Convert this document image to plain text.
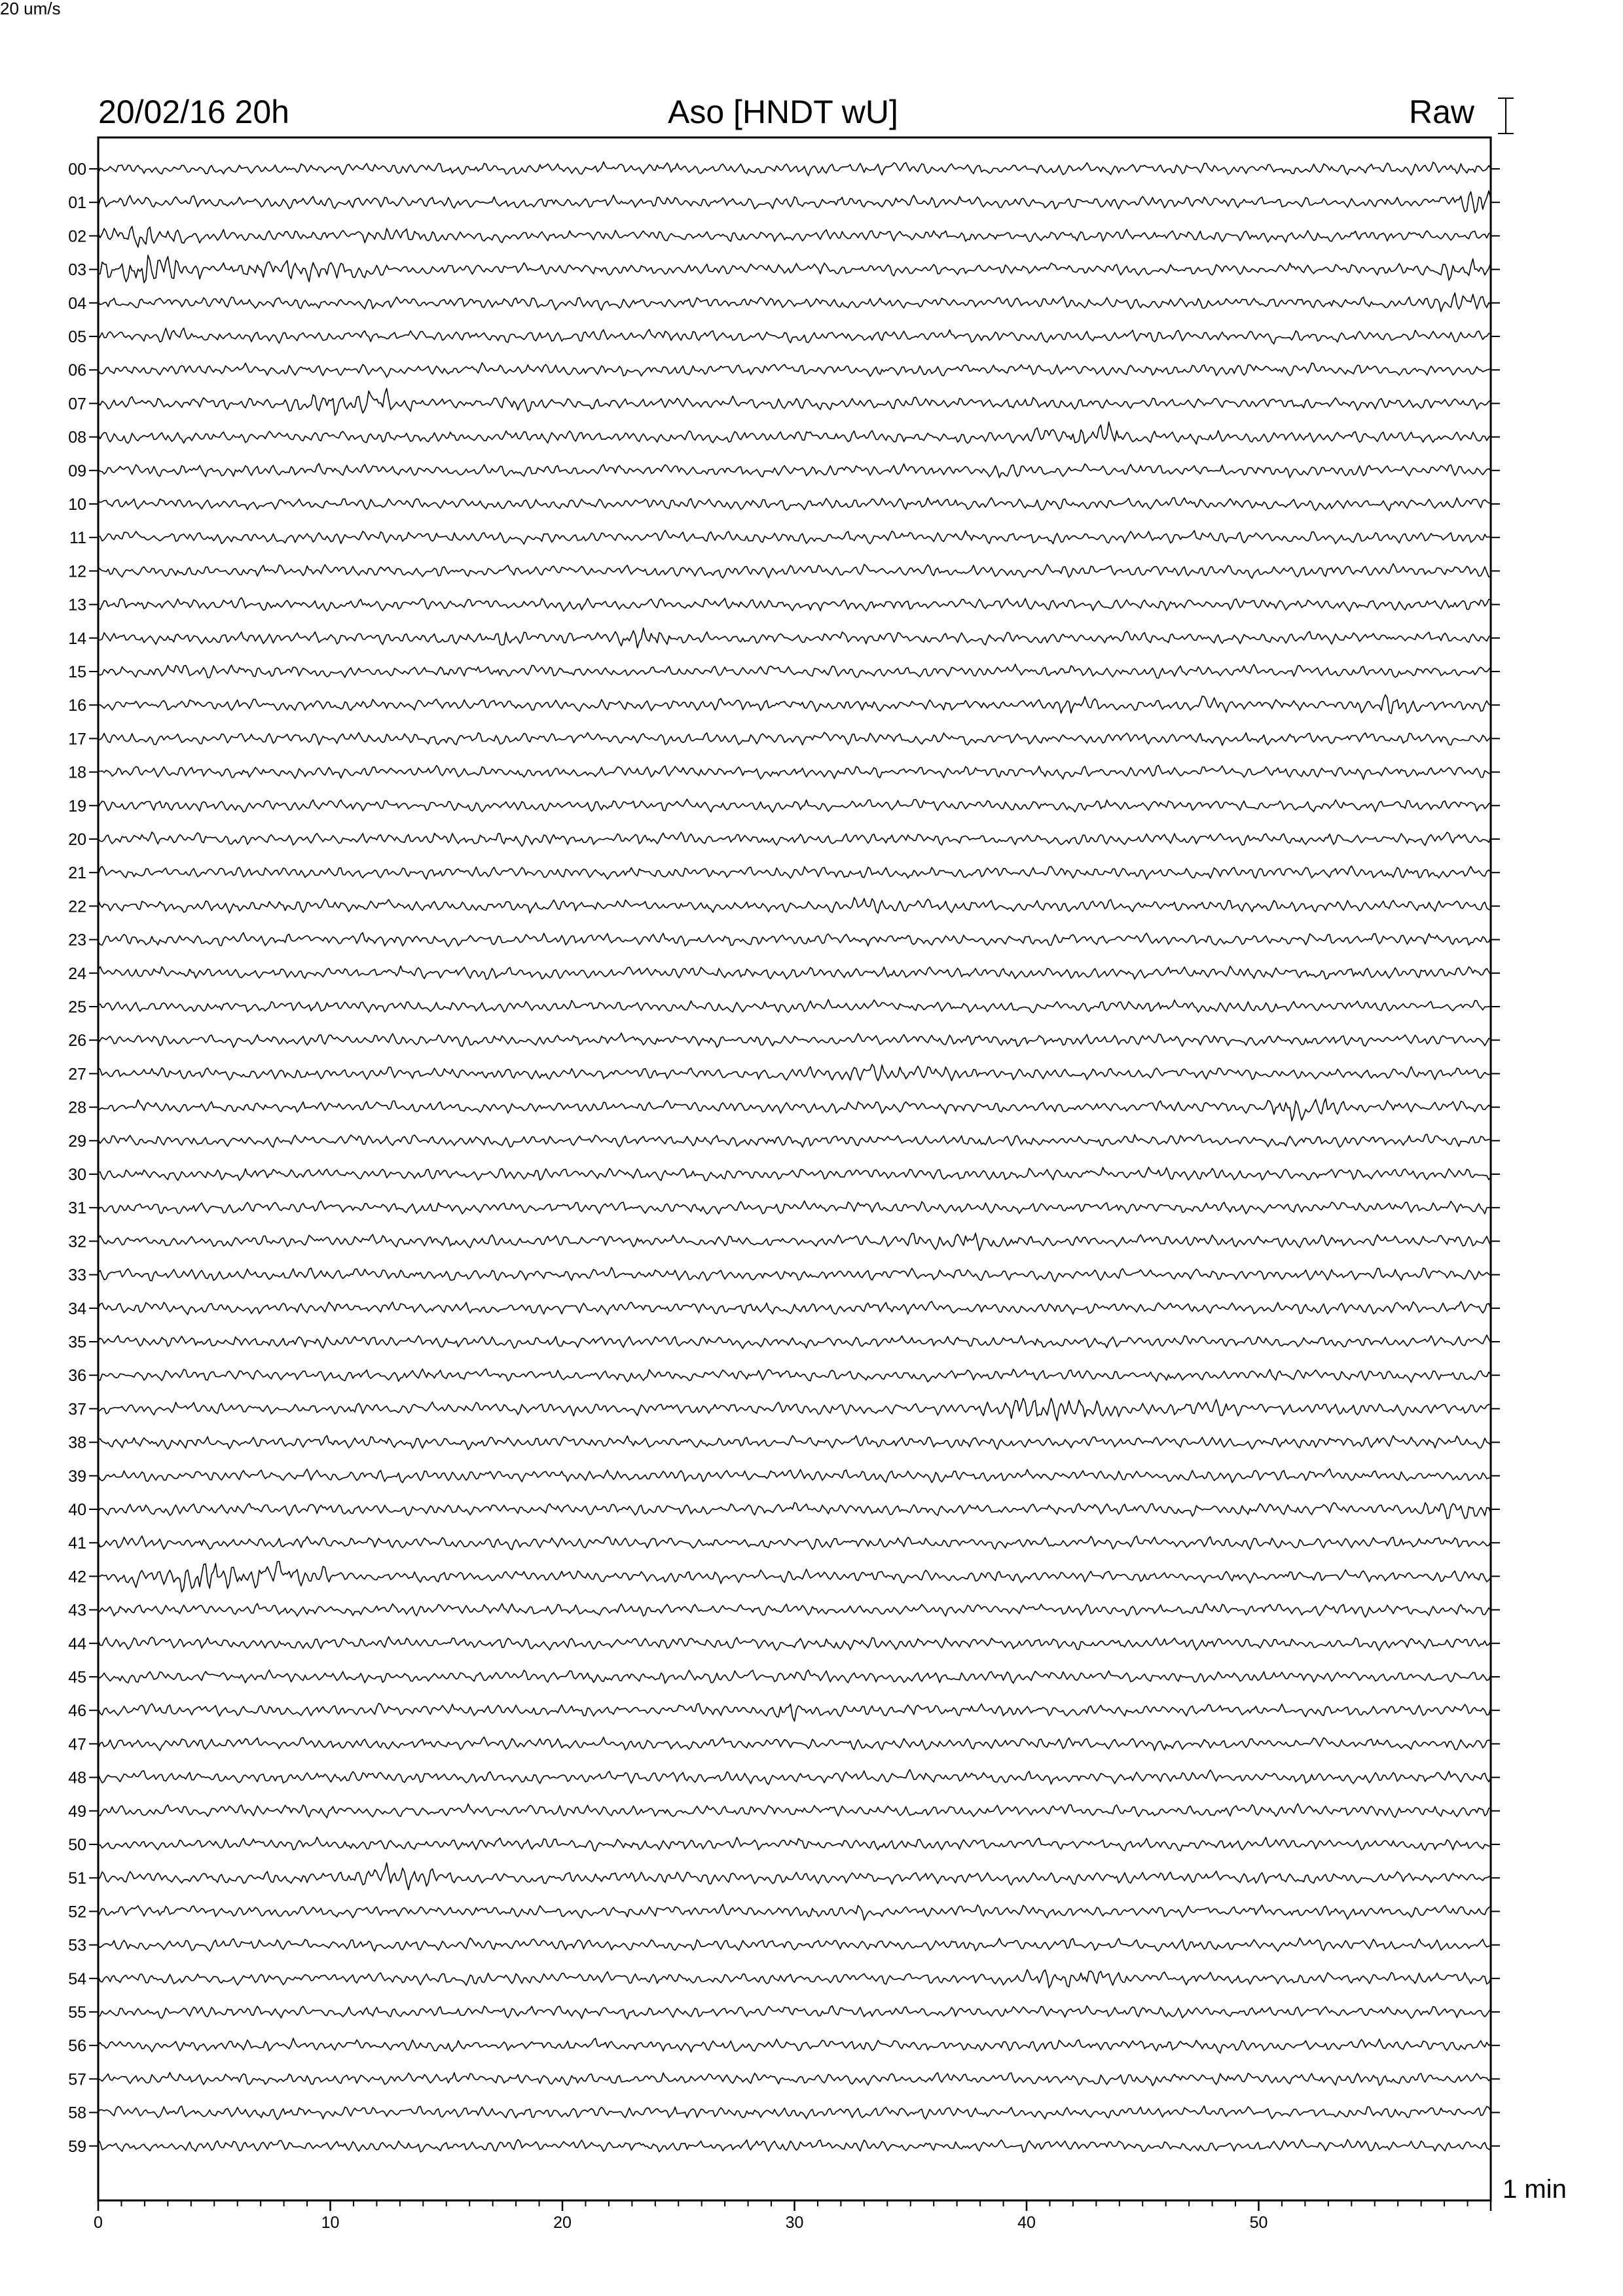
20/02/16 20h	Aso [HNDT wU]	Raw
20 um/s
1 min
00
01
02
03
04
05
06
07
08
09
10
11
12
13
14
15
16
17
18
19
20
21
22
23
24
25
26
27
28
29
30
31
32
33
34
35
36
37
38
39
40
41
42
43
44
45
46
47
48
49
50
51
52
53
54
55
56
57
58
59
0	10	20	30	40	50
